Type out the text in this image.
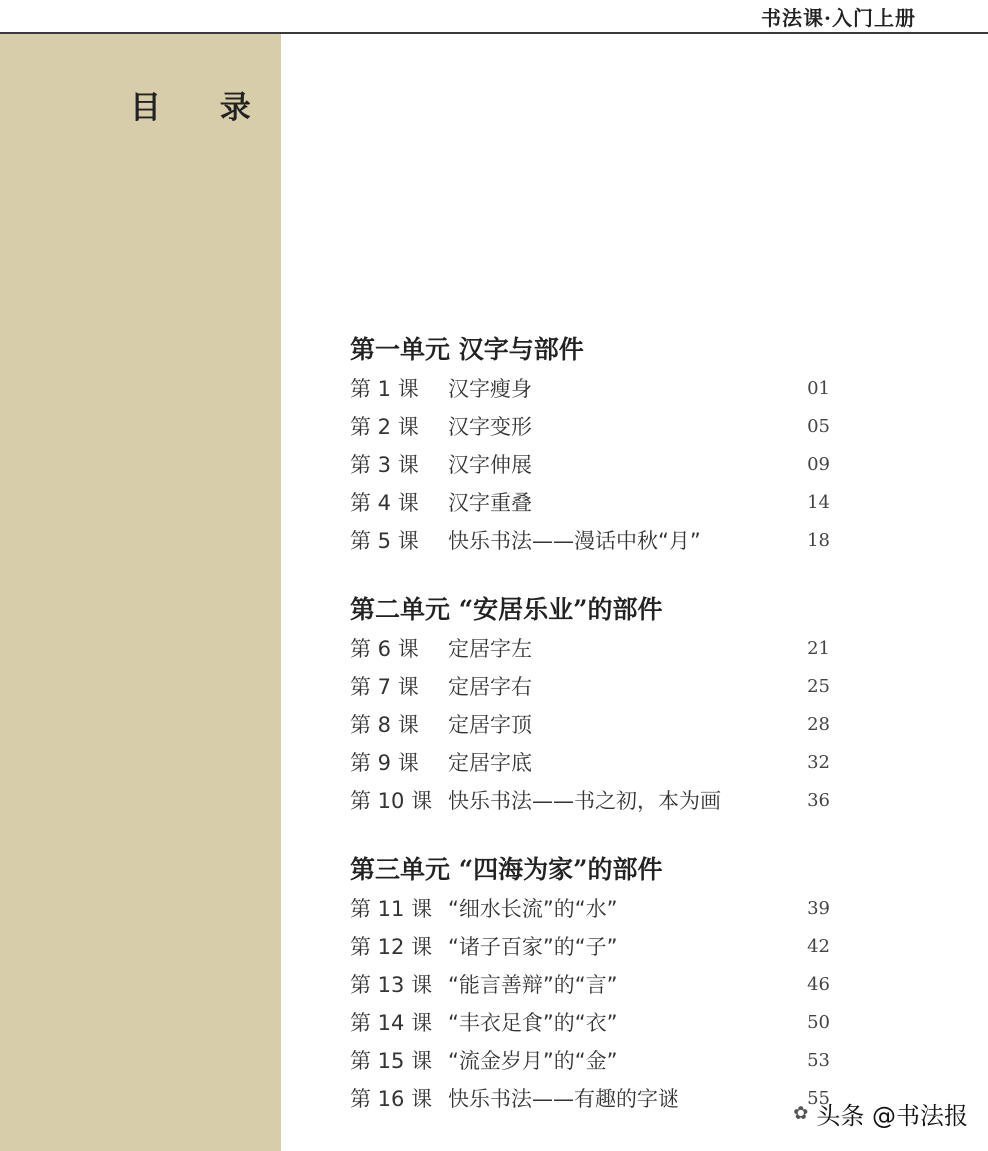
书法课·入门上册
目 录
第一单元 汉字与部件
第 1 课 汉字瘦身	01
第 2 课 汉字变形	05
第 3 课 汉字伸展	09
第 4 课 汉字重叠	14
第 5 课 快乐书法——漫话中秋“月”	18
第二单元 “安居乐业”的部件
第 6 课 定居字左	21
第 7 课 定居字右	25
第 8 课 定居字顶	28
第 9 课 定居字底	32
第 10 课 快乐书法——书之初，本为画	36
第三单元 “四海为家”的部件
第 11 课 “细水长流”的“水”	39
第 12 课 “诸子百家”的“子”	42
第 13 课 “能言善辩”的“言”	46
第 14 课 “丰衣足食”的“衣”	50
第 15 课 “流金岁月”的“金”	53
第 16 课 快乐书法——有趣的字谜	55
✿ 头条 @书法报
